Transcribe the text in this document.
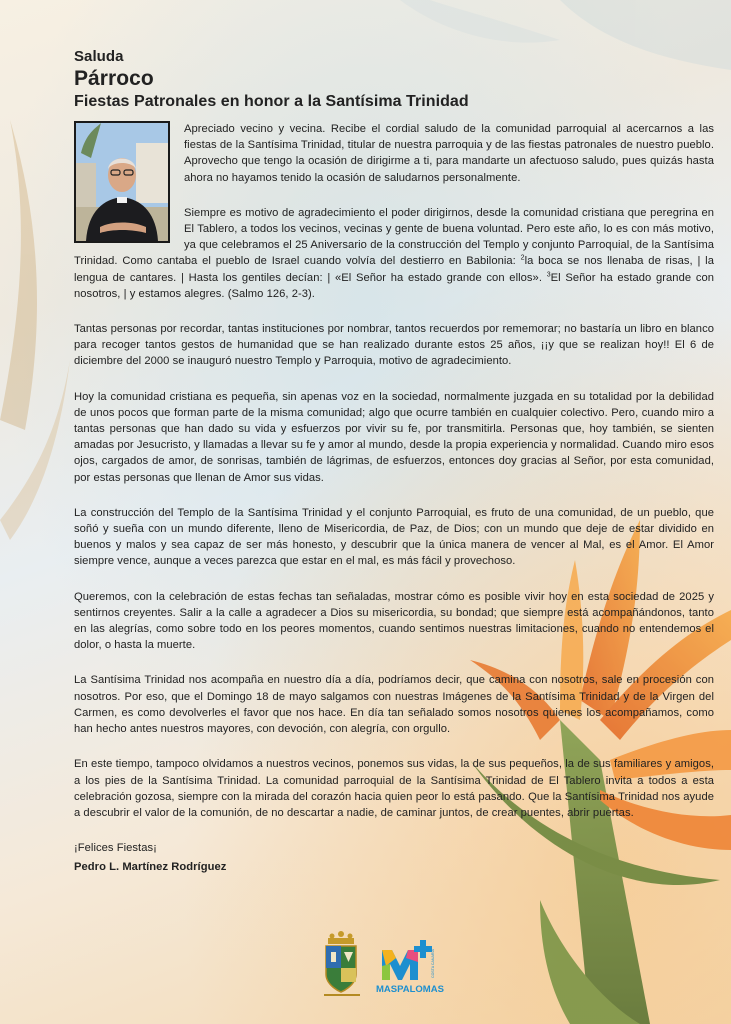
Saluda

Párroco

Fiestas Patronales en honor a la Santísima Trinidad

Apreciado vecino y vecina. Recibe el cordial saludo de la comunidad parroquial al acercarnos a las fiestas de la Santísima Trinidad, titular de nuestra parroquia y de las fiestas patronales de nuestro pueblo. Aprovecho que tengo la ocasión de dirigirme a ti, para mandarte un afectuoso saludo, pues quizás hasta ahora no hayamos tenido la ocasión de saludarnos personalmente.

Siempre es motivo de agradecimiento el poder dirigirnos, desde la comunidad cristiana que peregrina en El Tablero, a todos los vecinos, vecinas y gente de buena voluntad. Pero este año, lo es con más motivo, ya que celebramos el 25 Aniversario de la construcción del Templo y conjunto Parroquial, de la Santísima Trinidad. Como cantaba el pueblo de Israel cuando volvía del destierro en Babilonia: $^2$la boca se nos llenaba de risas, | la lengua de cantares. | Hasta los gentiles decían: | «El Señor ha estado grande con ellos». $^3$El Señor ha estado grande con nosotros, | y estamos alegres. (Salmo 126, 2-3).

Tantas personas por recordar, tantas instituciones por nombrar, tantos recuerdos por rememorar; no bastaría un libro en blanco para recoger tantos gestos de humanidad que se han realizado durante estos 25 años, ¡¡y que se realizan hoy!! El 6 de diciembre del 2000 se inauguró nuestro Templo y Parroquia, motivo de agradecimiento.

Hoy la comunidad cristiana es pequeña, sin apenas voz en la sociedad, normalmente juzgada en su totalidad por la debilidad de unos pocos que forman parte de la misma comunidad; algo que ocurre también en cualquier colectivo. Pero, cuando miro a tantas personas que han dado su vida y esfuerzos por vivir su fe, por transmitirla. Personas que, hoy también, se sienten amadas por Jesucristo, y llamadas a llevar su fe y amor al mundo, desde la propia experiencia y normalidad. Cuando miro esos ojos, cargados de amor, de sonrisas, también de lágrimas, de esfuerzos, entonces doy gracias al Señor, por esta comunidad, por estas personas que llenan de Amor sus vidas.

La construcción del Templo de la Santísima Trinidad y el conjunto Parroquial, es fruto de una comunidad, de un pueblo, que soñó y sueña con un mundo diferente, lleno de Misericordia, de Paz, de Dios; con un mundo que deje de estar dividido en buenos y malos y sea capaz de ser más honesto, y descubrir que la única manera de vencer al Mal, es el Amor. El Amor siempre vence, aunque a veces parezca que estar en el mal, es más fácil y provechoso.

Queremos, con la celebración de estas fechas tan señaladas, mostrar cómo es posible vivir hoy en esta sociedad de 2025 y sentirnos creyentes. Salir a la calle a agradecer a Dios su misericordia, su bondad; que siempre está acompañándonos, tanto en las alegrías, como sobre todo en los peores momentos, cuando sentimos nuestras limitaciones, cuando no entendemos el dolor, o hasta la muerte.

La Santísima Trinidad nos acompaña en nuestro día a día, podríamos decir, que camina con nosotros, sale en procesión con nosotros. Por eso, que el Domingo 18 de mayo salgamos con nuestras Imágenes de la Santísima Trinidad y de la Virgen del Carmen, es como devolverles el favor que nos hace. En día tan señalado somos nosotros quienes los acompañamos, como han hecho antes nuestros mayores, con devoción, con alegría, con orgullo.

En este tiempo, tampoco olvidamos a nuestros vecinos, ponemos sus vidas, la de sus pequeños, la de sus familiares y amigos, a los pies de la Santísima Trinidad. La comunidad parroquial de la Santísima Trinidad de El Tablero invita a todos a esta celebración gozosa, siempre con la mirada del corazón hacia quien peor lo está pasando. Que la Santísima Trinidad nos ayude a descubrir el valor de la comunión, de no descartar a nadie, de caminar juntos, de crear puentes, abrir puertas.

¡Felices Fiestas¡

Pedro L. Martínez Rodríguez

MASPALOMAS
COSTA CANARIA
